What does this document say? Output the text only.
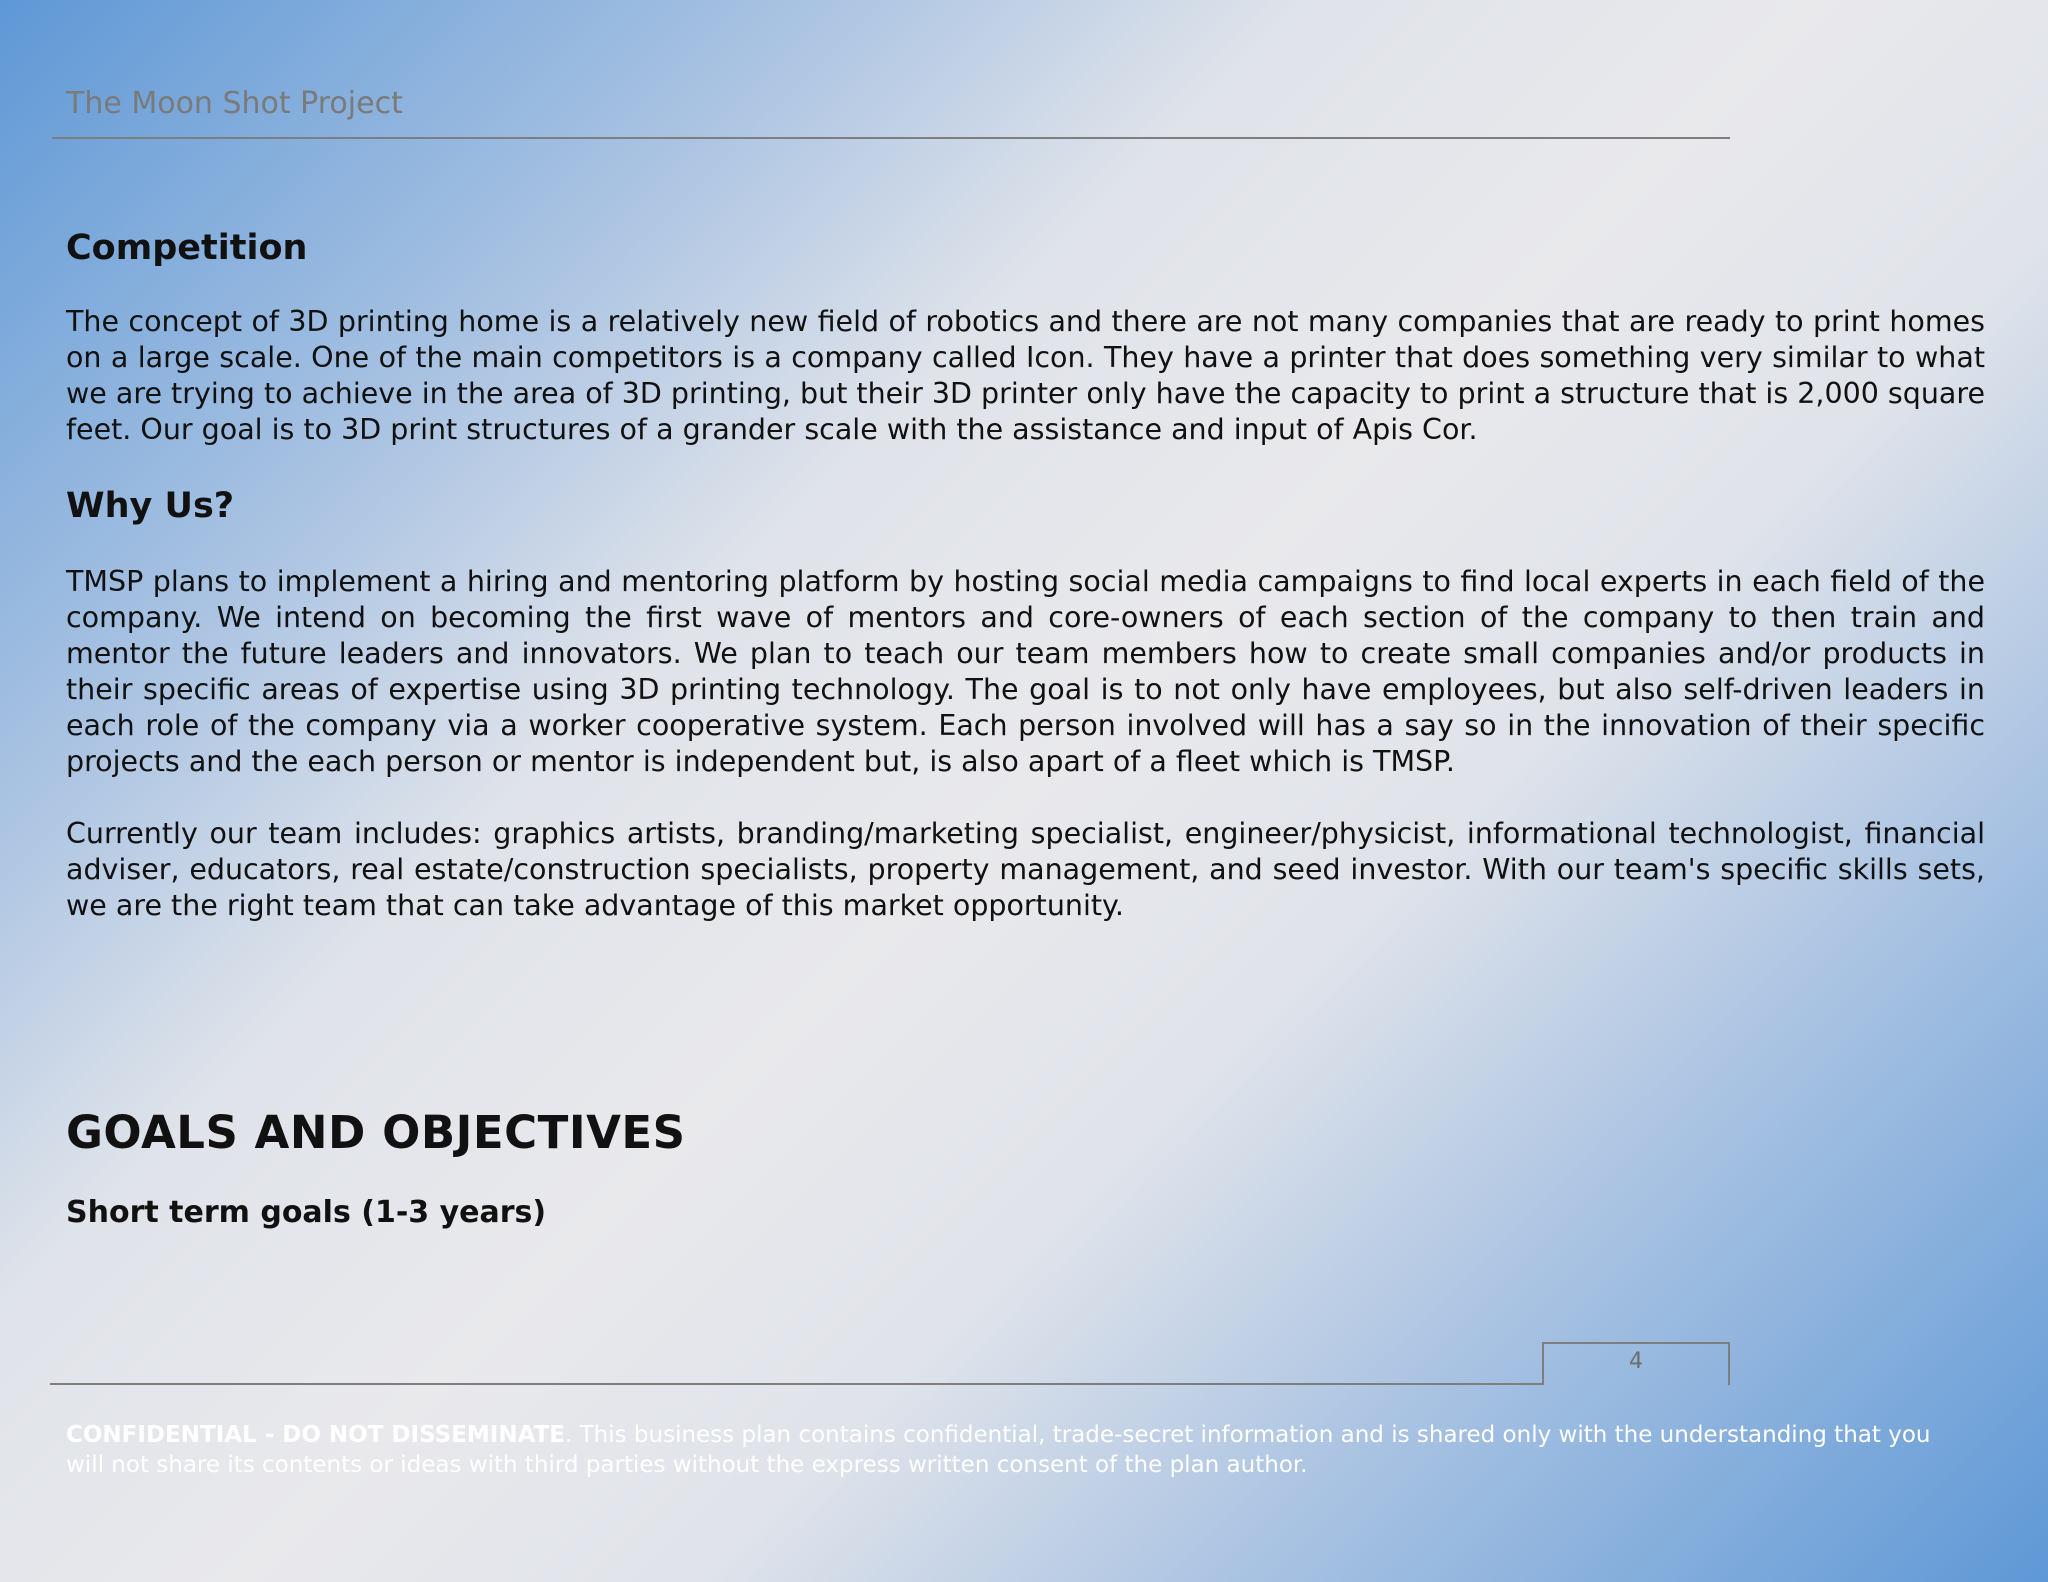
The Moon Shot Project
Competition

The concept of 3D printing home is a relatively new field of robotics and there are not many companies that are ready to print homes on a large scale. One of the main competitors is a company called Icon. They have a printer that does something very similar to what we are trying to achieve in the area of 3D printing, but their 3D printer only have the capacity to print a structure that is 2,000 square feet. Our goal is to 3D print structures of a grander scale with the assistance and input of Apis Cor.

Why Us?

TMSP plans to implement a hiring and mentoring platform by hosting social media campaigns to find local experts in each field of the company. We intend on becoming the first wave of mentors and core-owners of each section of the company to then train and mentor the future leaders and innovators. We plan to teach our team members how to create small companies and/or products in their specific areas of expertise using 3D printing technology. The goal is to not only have employees, but also self-driven leaders in each role of the company via a worker cooperative system. Each person involved will has a say so in the innovation of their specific projects and the each person or mentor is independent but, is also apart of a fleet which is TMSP.

Currently our team includes: graphics artists, branding/marketing specialist, engineer/physicist, informational technologist, financial adviser, educators, real estate/construction specialists, property management, and seed investor. With our team's specific skills sets, we are the right team that can take advantage of this market opportunity.

GOALS AND OBJECTIVES
Short term goals (1-3 years)
4
CONFIDENTIAL - DO NOT DISSEMINATE. This business plan contains confidential, trade-secret information and is shared only with the understanding that you will not share its contents or ideas with third parties without the express written consent of the plan author.
